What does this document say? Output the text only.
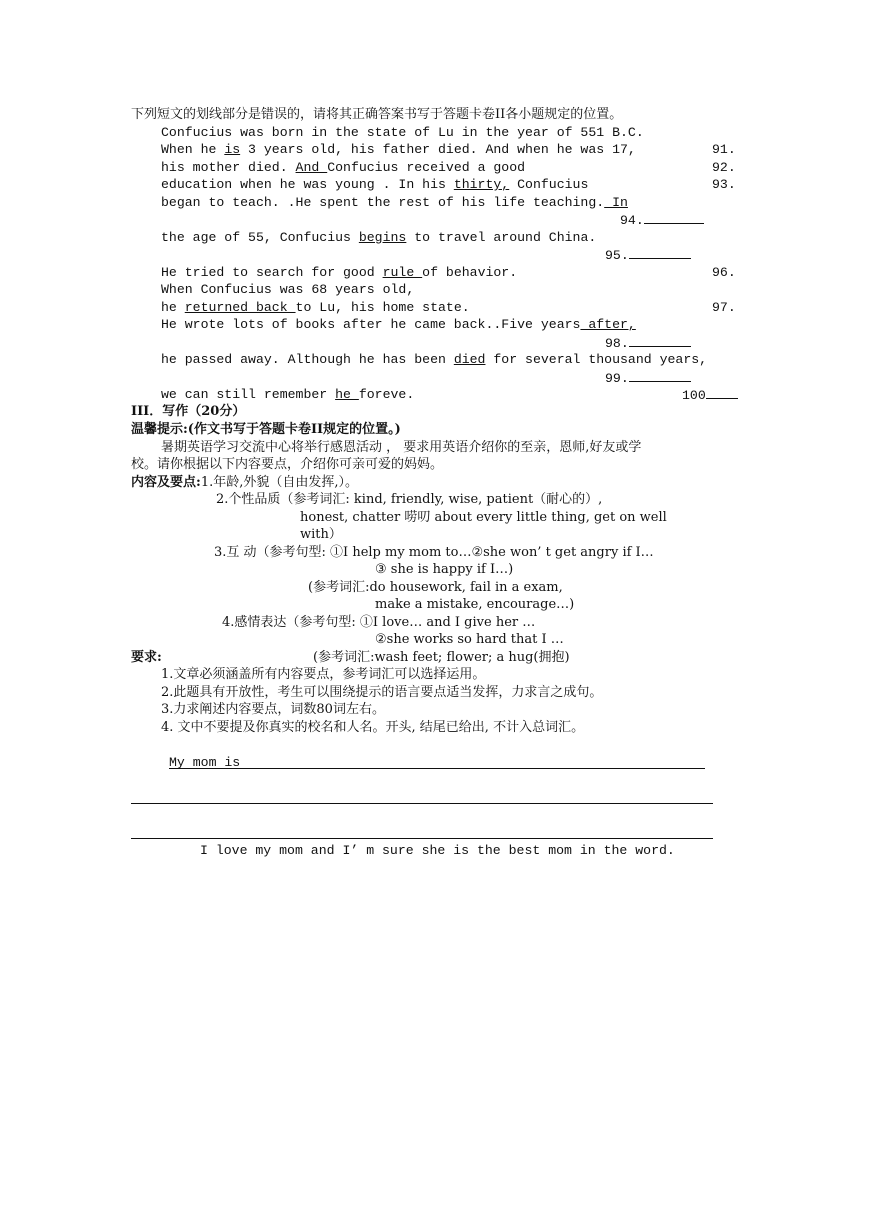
下列短文的划线部分是错误的，请将其正确答案书写于答题卡卷II各小题规定的位置。
Confucius was born in the state of Lu in the year of 551 B.C.
When he is 3 years old, his father died. And when he was 17,	91.
his mother died. And Confucius received a good	92.
education when he was young . In his thirty, Confucius	93.
began to teach. .He spent the rest of his life teaching. In
94.
the age of 55, Confucius begins to travel around China.
95.
He tried to search for good rule of behavior.	96.
When Confucius was 68 years old,
he returned back to Lu, his home state.	97.
He wrote lots of books after he came back..Five years after,
98.
he passed away. Although he has been died for several thousand years,
99.
we can still remember he foreve.	100
III．写作（20分）
温馨提示:(作文书写于答题卡卷II规定的位置。)
暑期英语学习交流中心将举行感恩活动 ， 要求用英语介绍你的至亲，恩师,好友或学
校。请你根据以下内容要点，介绍你可亲可爱的妈妈。
内容及要点:1.年龄,外貌（自由发挥,）。
2.个性品质（参考词汇: kind, friendly, wise, patient（耐心的）,
honest, chatter 唠叨 about every little thing, get on well
with）
3.互 动（参考句型: ①I help my mom to…②she won’ t get angry if I…
③ she is happy if I…)
(参考词汇:do housework, fail in a exam,
make a mistake, encourage…)
4.感情表达（参考句型: ①I love… and I give her …
②she works so hard that I …
要求:	(参考词汇:wash feet; flower; a hug(拥抱)
1.文章必须涵盖所有内容要点，参考词汇可以选择运用。
2.此题具有开放性，考生可以围绕提示的语言要点适当发挥，力求言之成句。
3.力求阐述内容要点，词数80词左右。
4. 文中不要提及你真实的校名和人名。开头, 结尾已给出, 不计入总词汇。
My mom is
I love my mom and I’ m sure she is the best mom in the word.
